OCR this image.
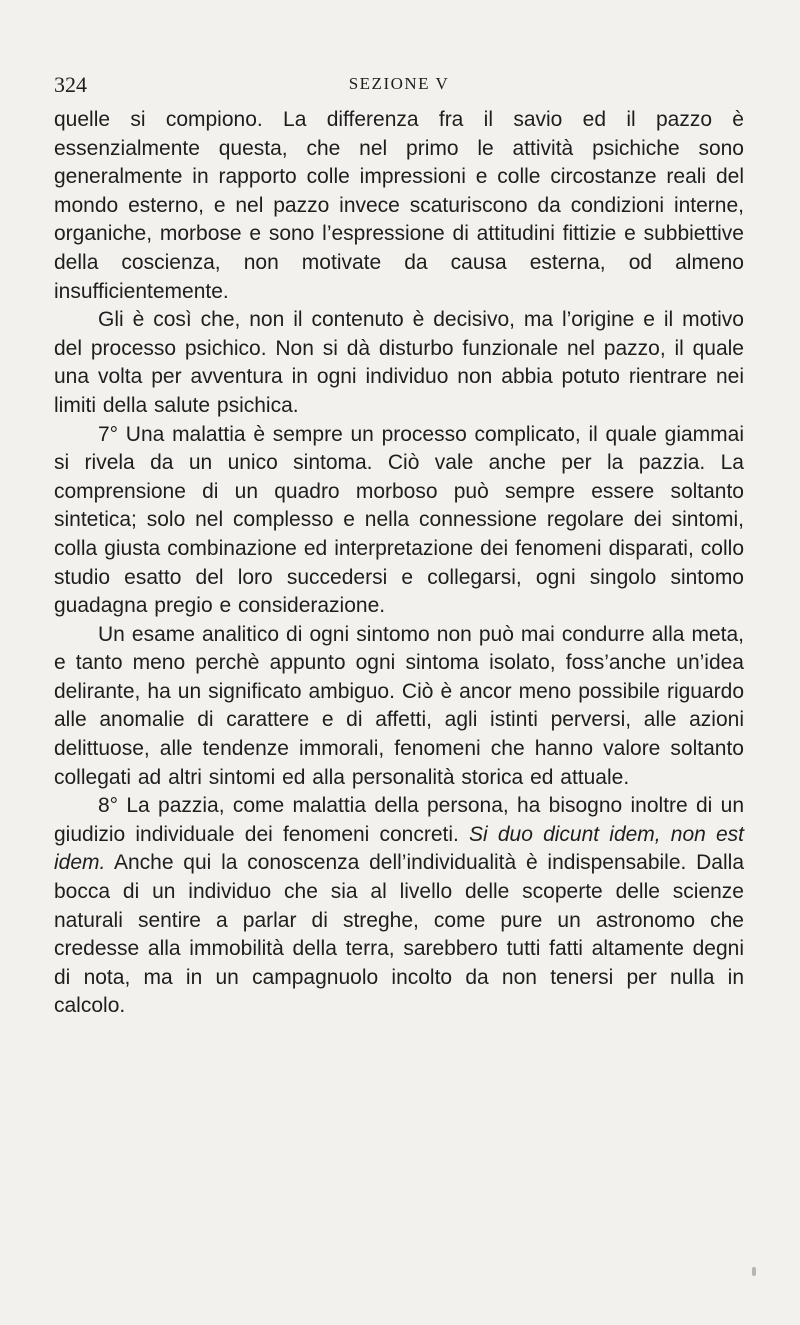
324	SEZIONE V

quelle si compiono. La differenza fra il savio ed il pazzo è essenzialmente questa, che nel primo le attività psichiche sono generalmente in rapporto colle impressioni e colle circostanze reali del mondo esterno, e nel pazzo invece scaturiscono da condizioni interne, organiche, morbose e sono l’espressione di attitudini fittizie e subbiettive della coscienza, non motivate da causa esterna, od almeno insufficientemente.

Gli è così che, non il contenuto è decisivo, ma l’origine e il motivo del processo psichico. Non si dà disturbo funzionale nel pazzo, il quale una volta per avventura in ogni individuo non abbia potuto rientrare nei limiti della salute psichica.

7° Una malattia è sempre un processo complicato, il quale giammai si rivela da un unico sintoma. Ciò vale anche per la pazzia. La comprensione di un quadro morboso può sempre essere soltanto sintetica; solo nel complesso e nella connessione regolare dei sintomi, colla giusta combinazione ed interpretazione dei fenomeni disparati, collo studio esatto del loro succedersi e collegarsi, ogni singolo sintomo guadagna pregio e considerazione.

Un esame analitico di ogni sintomo non può mai condurre alla meta, e tanto meno perchè appunto ogni sintoma isolato, foss’anche un’idea delirante, ha un significato ambiguo. Ciò è ancor meno possibile riguardo alle anomalie di carattere e di affetti, agli istinti perversi, alle azioni delittuose, alle tendenze immorali, fenomeni che hanno valore soltanto collegati ad altri sintomi ed alla personalità storica ed attuale.

8° La pazzia, come malattia della persona, ha bisogno inoltre di un giudizio individuale dei fenomeni concreti. Si duo dicunt idem, non est idem. Anche qui la conoscenza dell’individualità è indispensabile. Dalla bocca di un individuo che sia al livello delle scoperte delle scienze naturali sentire a parlar di streghe, come pure un astronomo che credesse alla immobilità della terra, sarebbero tutti fatti altamente degni di nota, ma in un campagnuolo incolto da non tenersi per nulla in calcolo.
